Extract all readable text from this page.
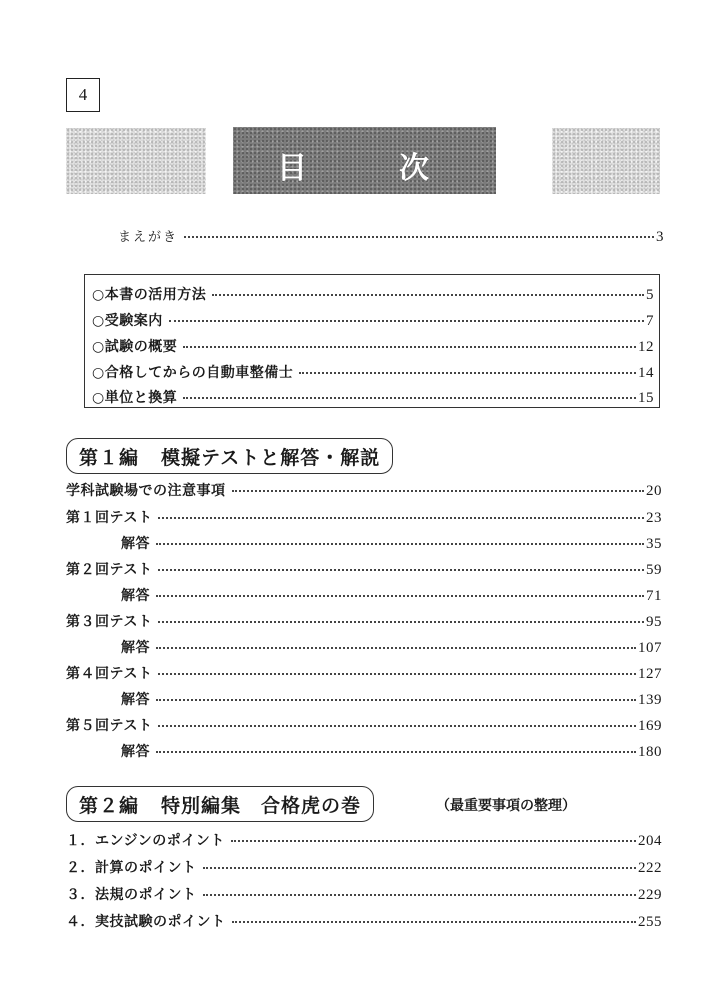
4
目	次
まえがき	3
○本書の活用方法	5
○受験案内	7
○試験の概要	12
○合格してからの自動車整備士	14
○単位と換算	15
第１編 模擬テストと解答・解説
学科試験場での注意事項	20
第１回テスト	23
解答	35
第２回テスト	59
解答	71
第３回テスト	95
解答	107
第４回テスト	127
解答	139
第５回テスト	169
解答	180
第２編 特別編集　合格虎の巻	（最重要事項の整理）
１．エンジンのポイント	204
２．計算のポイント	222
３．法規のポイント	229
４．実技試験のポイント	255
